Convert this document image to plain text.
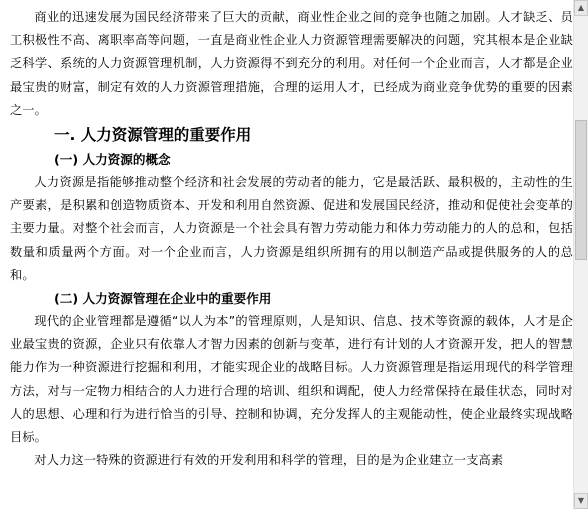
商业的迅速发展为国民经济带来了巨大的贡献，商业性企业之间的竞争也随之加剧。人才缺乏、员工积极性不高、离职率高等问题，一直是商业性企业人力资源管理需要解决的问题，究其根本是企业缺乏科学、系统的人力资源管理机制，人力资源得不到充分的利用。对任何一个企业而言，人才都是企业最宝贵的财富，制定有效的人力资源管理措施，合理的运用人才，已经成为商业竞争优势的重要的因素之一。

一. 人力资源管理的重要作用

(一) 人力资源的概念

人力资源是指能够推动整个经济和社会发展的劳动者的能力，它是最活跃、最积极的，主动性的生产要素，是积累和创造物质资本、开发和利用自然资源、促进和发展国民经济，推动和促使社会变革的主要力量。对整个社会而言，人力资源是一个社会具有智力劳动能力和体力劳动能力的人的总和，包括数量和质量两个方面。对一个企业而言，人力资源是组织所拥有的用以制造产品或提供服务的人的总和。

(二) 人力资源管理在企业中的重要作用

现代的企业管理都是遵循“以人为本”的管理原则，人是知识、信息、技术等资源的载体，人才是企业最宝贵的资源，企业只有依靠人才智力因素的创新与变革，进行有计划的人才资源开发，把人的智慧能力作为一种资源进行挖掘和利用，才能实现企业的战略目标。人力资源管理是指运用现代的科学管理方法，对与一定物力相结合的人力进行合理的培训、组织和调配，使人力经常保持在最佳状态，同时对人的思想、心理和行为进行恰当的引导、控制和协调，充分发挥人的主观能动性，使企业最终实现战略目标。

对人力这一特殊的资源进行有效的开发利用和科学的管理，目的是为企业建立一支高素

▲
▼
